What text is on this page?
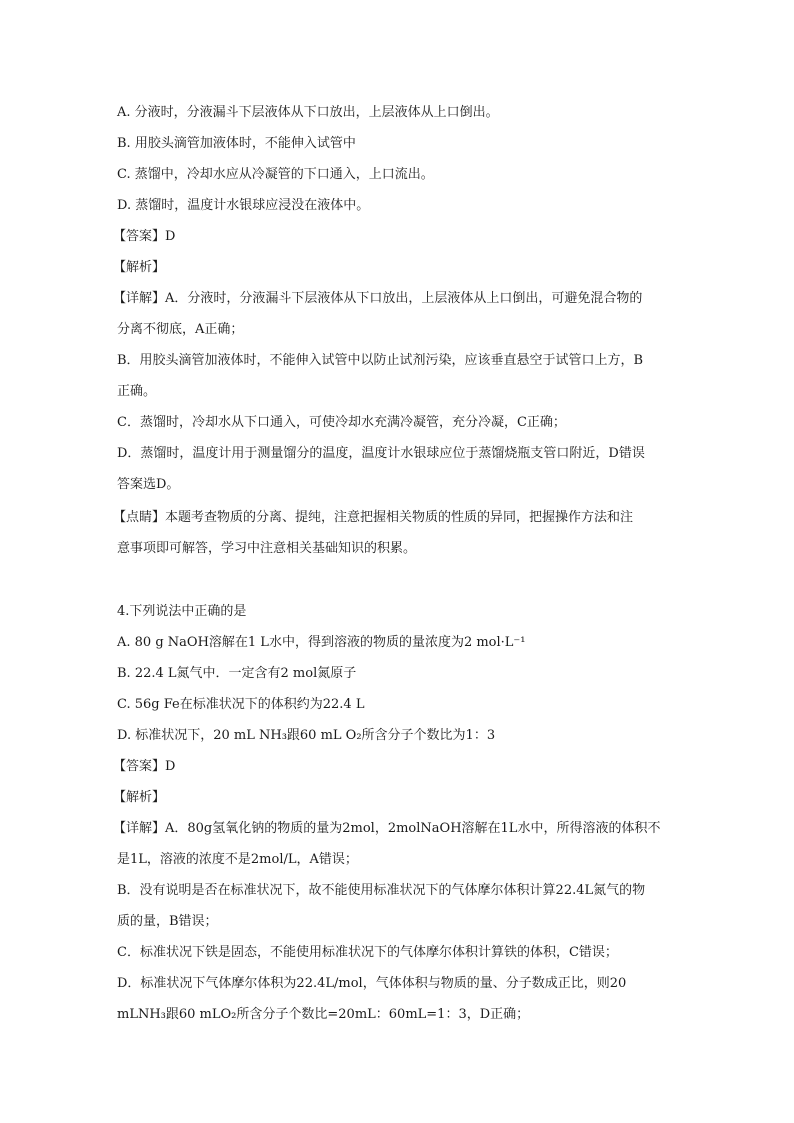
A. 分液时，分液漏斗下层液体从下口放出，上层液体从上口倒出。
B. 用胶头滴管加液体时，不能伸入试管中
C. 蒸馏中，冷却水应从冷凝管的下口通入，上口流出。
D. 蒸馏时，温度计水银球应浸没在液体中。
【答案】D
【解析】
【详解】A．分液时，分液漏斗下层液体从下口放出，上层液体从上口倒出，可避免混合物的
分离不彻底，A正确；
B．用胶头滴管加液体时，不能伸入试管中以防止试剂污染，应该垂直悬空于试管口上方，B
正确。
C．蒸馏时，冷却水从下口通入，可使冷却水充满冷凝管，充分冷凝，C正确；
D．蒸馏时，温度计用于测量馏分的温度，温度计水银球应位于蒸馏烧瓶支管口附近，D错误
答案选D。
【点睛】本题考查物质的分离、提纯，注意把握相关物质的性质的异同，把握操作方法和注
意事项即可解答，学习中注意相关基础知识的积累。
4.下列说法中正确的是
A. 80 g NaOH溶解在1 L水中，得到溶液的物质的量浓度为2 mol·L⁻¹
B. 22.4 L氮气中．一定含有2 mol氮原子
C. 56g Fe在标准状况下的体积约为22.4 L
D. 标准状况下，20 mL NH₃跟60 mL O₂所含分子个数比为1：3
【答案】D
【解析】
【详解】A．80g氢氧化钠的物质的量为2mol，2molNaOH溶解在1L水中，所得溶液的体积不
是1L，溶液的浓度不是2mol/L，A错误；
B．没有说明是否在标准状况下，故不能使用标准状况下的气体摩尔体积计算22.4L氮气的物
质的量，B错误；
C．标准状况下铁是固态，不能使用标准状况下的气体摩尔体积计算铁的体积，C错误；
D．标准状况下气体摩尔体积为22.4L/mol，气体体积与物质的量、分子数成正比，则20
mLNH₃跟60 mLO₂所含分子个数比=20mL：60mL=1：3，D正确；
